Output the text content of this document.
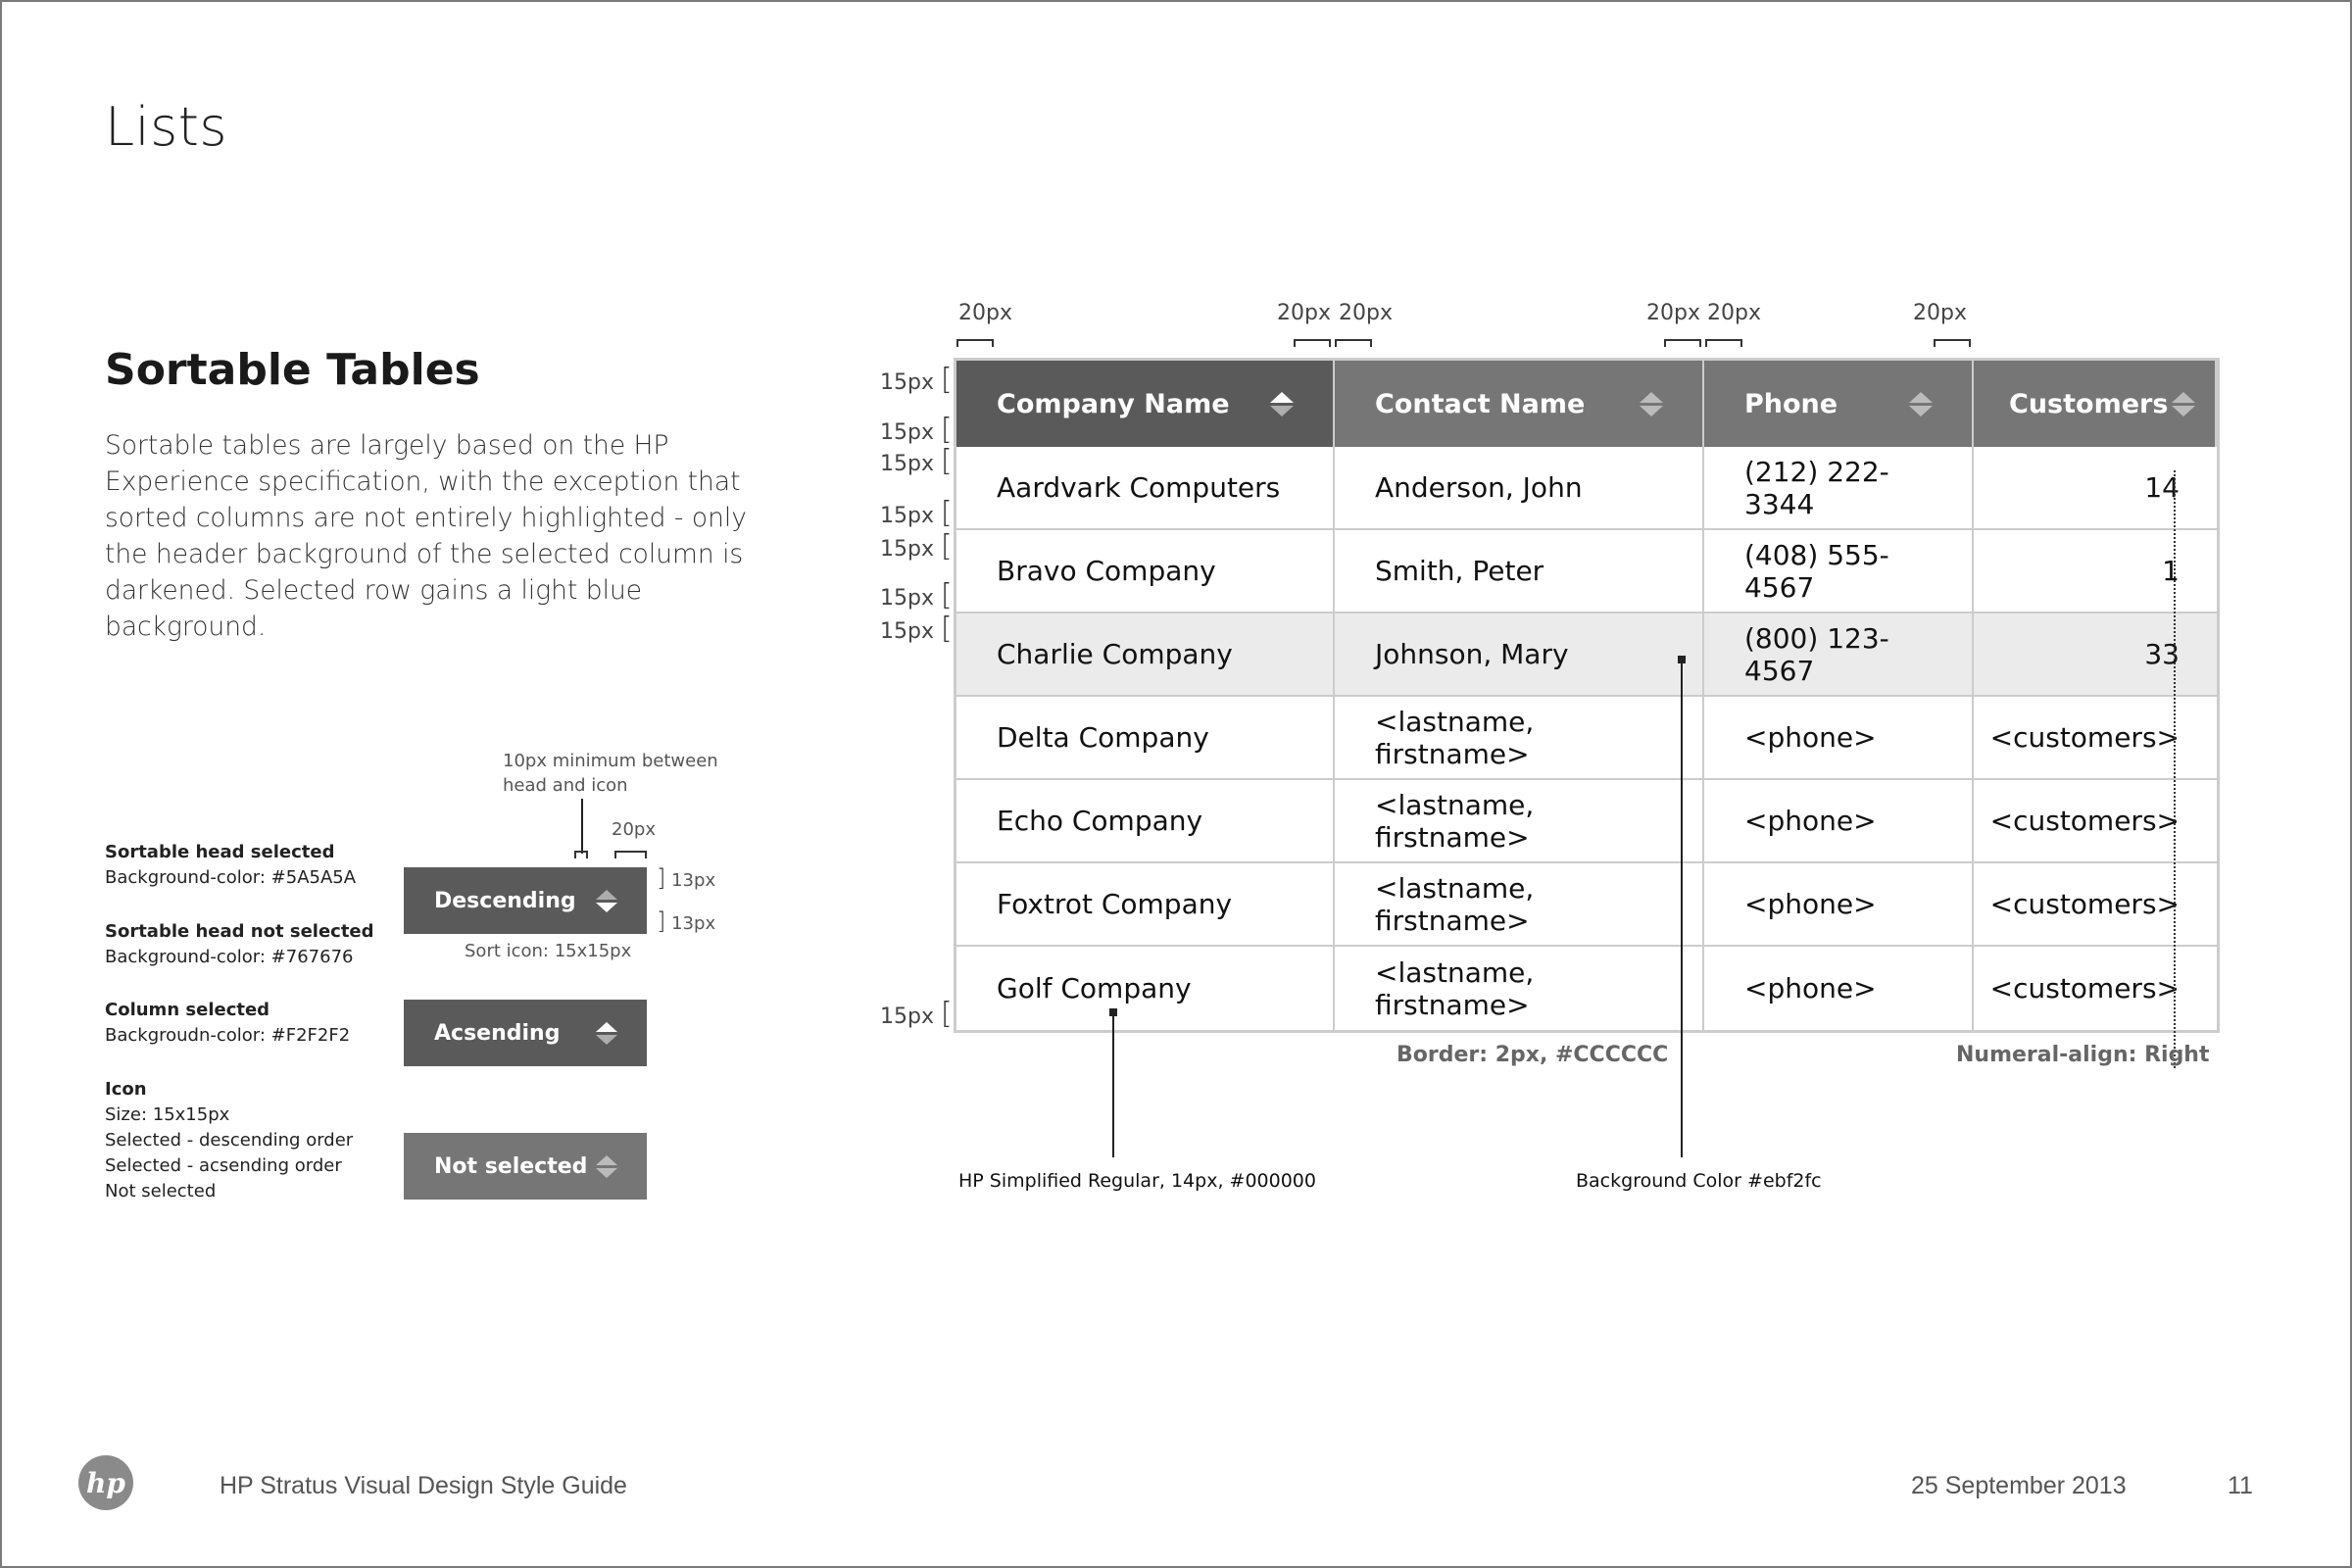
Lists
Sortable Tables
Sortable tables are largely based on the HP Experience specification, with the exception that sorted columns are not entirely highlighted - only the header background of the selected column is darkened. Selected row gains a light blue background.
Sortable head selected
Background-color: #5A5A5A
Sortable head not selected
Background-color: #767676
Column selected
Backgroudn-color: #F2F2F2
Icon
Size: 15x15px
Selected - descending order
Selected - acsending order
Not selected
10px minimum between
head and icon
20px
Descending
] 13px
] 13px
Sort icon: 15x15px
Acsending
Not selected
20px	20px 20px	20px 20px	20px
15px [
15px [
15px [
15px [
15px [
15px [
15px [
15px [
Company Name	Contact Name	Phone	Customers
Aardvark Computers	Anderson, John	(212) 222-3344	14
Bravo Company	Smith, Peter	(408) 555-4567	1
Charlie Company	Johnson, Mary	(800) 123-4567	33
Delta Company	<lastname, firstname>	<phone>	<customers>
Echo Company	<lastname, firstname>	<phone>	<customers>
Foxtrot Company	<lastname, firstname>	<phone>	<customers>
Golf Company	<lastname, firstname>	<phone>	<customers>
Border: 2px, #CCCCCC	Numeral-align: Right
HP Simplified Regular, 14px, #000000	Background Color #ebf2fc
hp	HP Stratus Visual Design Style Guide	25 September 2013	11
